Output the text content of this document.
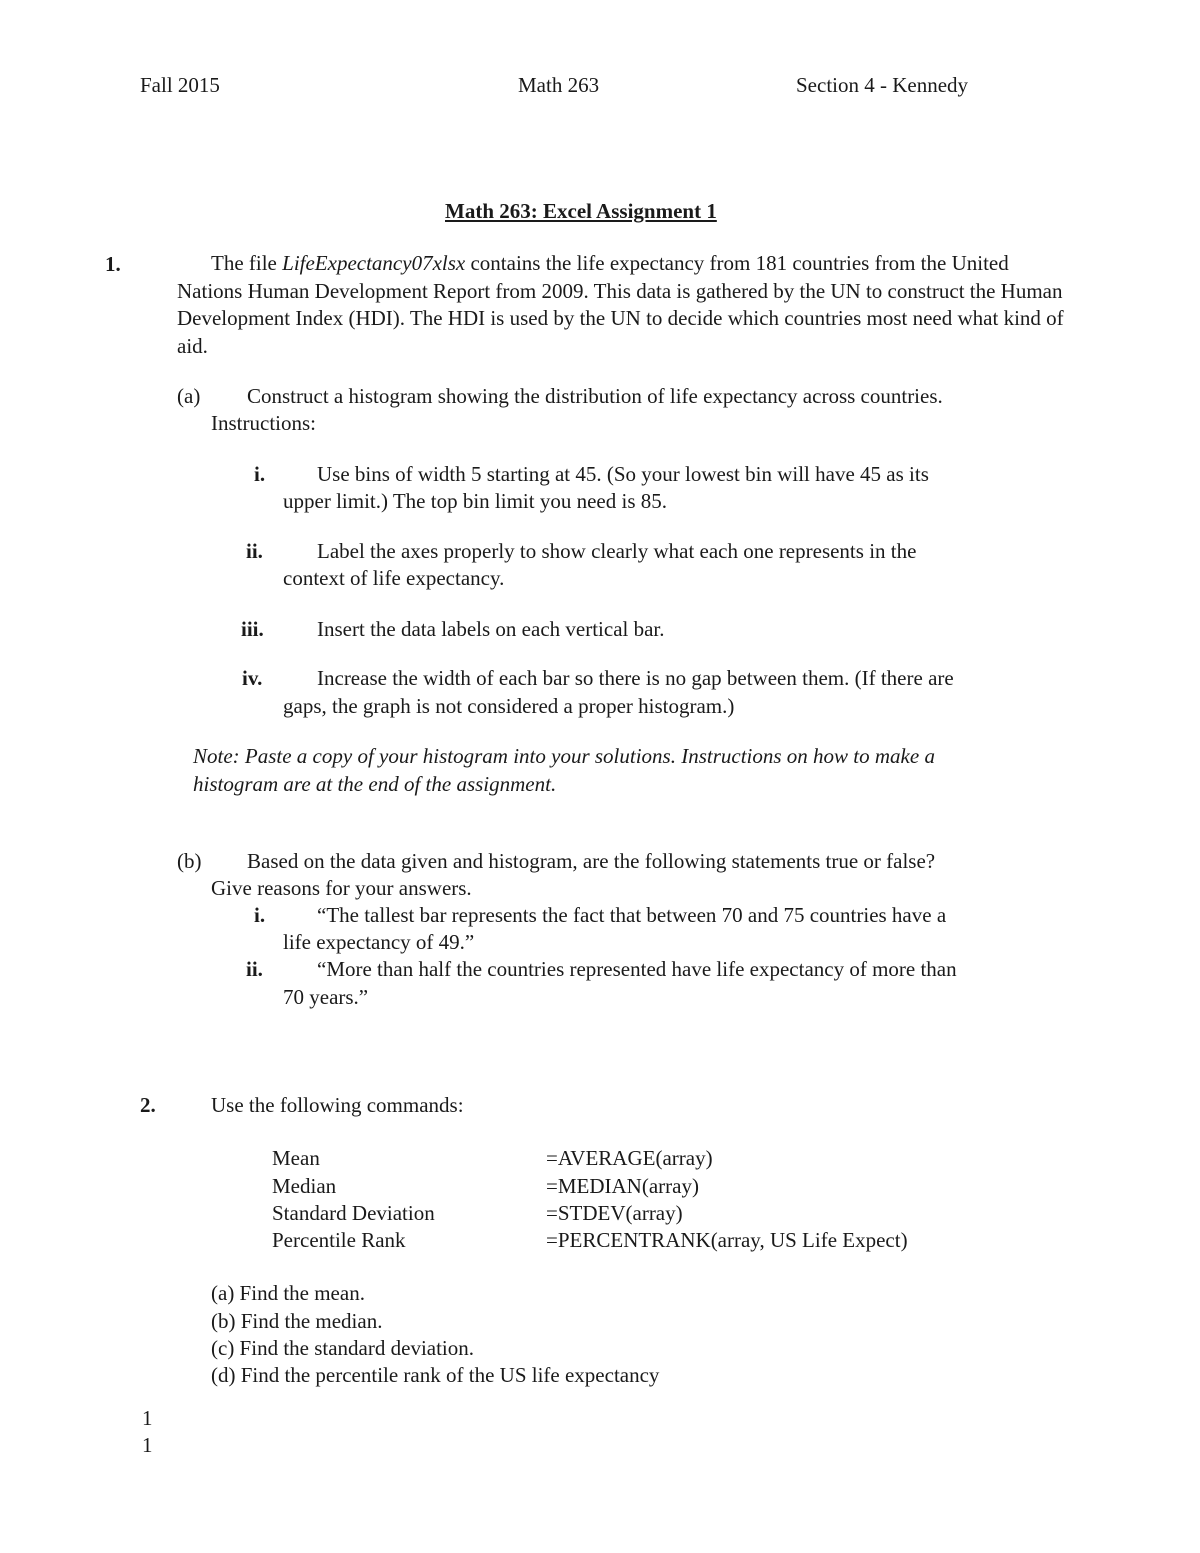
Fall 2015	Math 263	Section 4 - Kennedy
Math 263: Excel Assignment 1
1.	The file LifeExpectancy07xlsx contains the life expectancy from 181 countries from the United Nations Human Development Report from 2009. This data is gathered by the UN to construct the Human Development Index (HDI). The HDI is used by the UN to decide which countries most need what kind of aid.
(a) Construct a histogram showing the distribution of life expectancy across countries.
Instructions:
i. Use bins of width 5 starting at 45. (So your lowest bin will have 45 as its
upper limit.) The top bin limit you need is 85.
ii.	Label the axes properly to show clearly what each one represents in the
context of life expectancy.
iii.	Insert the data labels on each vertical bar.
iv.	Increase the width of each bar so there is no gap between them. (If there are
gaps, the graph is not considered a proper histogram.)
Note: Paste a copy of your histogram into your solutions. Instructions on how to make a
histogram are at the end of the assignment.
(b) Based on the data given and histogram, are the following statements true or false?
Give reasons for your answers.
i. “The tallest bar represents the fact that between 70 and 75 countries have a
life expectancy of 49.”
ii.	“More than half the countries represented have life expectancy of more than
70 years.”
2.	Use the following commands:
Mean	=AVERAGE(array)
Median	=MEDIAN(array)
Standard Deviation	=STDEV(array)
Percentile Rank	=PERCENTRANK(array, US Life Expect)
(a) Find the mean.
(b) Find the median.
(c) Find the standard deviation.
(d) Find the percentile rank of the US life expectancy
1
1
